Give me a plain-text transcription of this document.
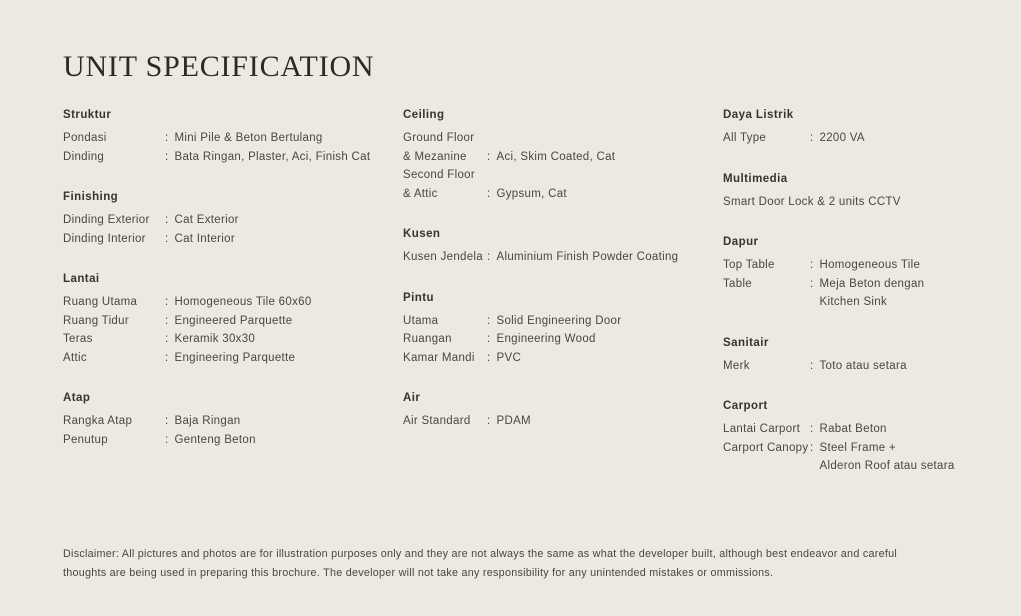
UNIT SPECIFICATION
Struktur
Pondasi	: Mini Pile & Beton Bertulang
Dinding	: Bata Ringan, Plaster, Aci, Finish Cat
Finishing
Dinding Exterior	: Cat Exterior
Dinding Interior	: Cat Interior
Lantai
Ruang Utama	: Homogeneous Tile 60x60
Ruang Tidur	: Engineered Parquette
Teras	: Keramik 30x30
Attic	: Engineering Parquette
Atap
Rangka Atap	: Baja Ringan
Penutup	: Genteng Beton
Ceiling
Ground Floor
& Mezanine	: Aci, Skim Coated, Cat
Second Floor
& Attic	: Gypsum, Cat
Kusen
Kusen Jendela : Aluminium Finish Powder Coating
Pintu
Utama	: Solid Engineering Door
Ruangan	: Engineering Wood
Kamar Mandi	: PVC
Air
Air Standard	: PDAM
Daya Listrik
All Type	: 2200 VA
Multimedia
Smart Door Lock & 2 units CCTV
Dapur
Top Table	: Homogeneous Tile
Table	: Meja Beton dengan
Kitchen Sink
Sanitair
Merk	: Toto atau setara
Carport
Lantai Carport : Rabat Beton
Carport Canopy : Steel Frame +
Alderon Roof atau setara
Disclaimer: All pictures and photos are for illustration purposes only and they are not always the same as what the developer built, although best endeavor and careful
thoughts are being used in preparing this brochure. The developer will not take any responsibility for any unintended mistakes or ommissions.
